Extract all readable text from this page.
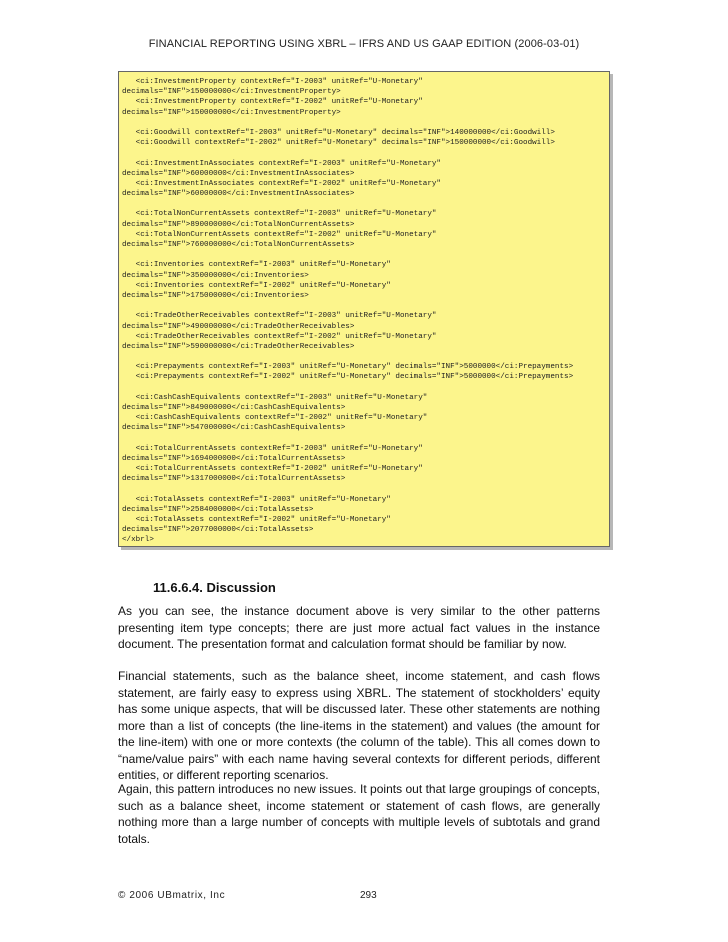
FINANCIAL REPORTING USING XBRL – IFRS AND US GAAP EDITION (2006-03-01)
<ci:InvestmentProperty contextRef="I-2003" unitRef="U-Monetary"
decimals="INF">150000000</ci:InvestmentProperty>
<ci:InvestmentProperty contextRef="I-2002" unitRef="U-Monetary"
decimals="INF">150000000</ci:InvestmentProperty>
<ci:Goodwill contextRef="I-2003" unitRef="U-Monetary" decimals="INF">140000000</ci:Goodwill>
<ci:Goodwill contextRef="I-2002" unitRef="U-Monetary" decimals="INF">150000000</ci:Goodwill>
<ci:InvestmentInAssociates contextRef="I-2003" unitRef="U-Monetary"
decimals="INF">60000000</ci:InvestmentInAssociates>
<ci:InvestmentInAssociates contextRef="I-2002" unitRef="U-Monetary"
decimals="INF">60000000</ci:InvestmentInAssociates>
<ci:TotalNonCurrentAssets contextRef="I-2003" unitRef="U-Monetary"
decimals="INF">890000000</ci:TotalNonCurrentAssets>
<ci:TotalNonCurrentAssets contextRef="I-2002" unitRef="U-Monetary"
decimals="INF">760000000</ci:TotalNonCurrentAssets>
<ci:Inventories contextRef="I-2003" unitRef="U-Monetary"
decimals="INF">350000000</ci:Inventories>
<ci:Inventories contextRef="I-2002" unitRef="U-Monetary"
decimals="INF">175000000</ci:Inventories>
<ci:TradeOtherReceivables contextRef="I-2003" unitRef="U-Monetary"
decimals="INF">490000000</ci:TradeOtherReceivables>
<ci:TradeOtherReceivables contextRef="I-2002" unitRef="U-Monetary"
decimals="INF">590000000</ci:TradeOtherReceivables>
<ci:Prepayments contextRef="I-2003" unitRef="U-Monetary" decimals="INF">5000000</ci:Prepayments>
<ci:Prepayments contextRef="I-2002" unitRef="U-Monetary" decimals="INF">5000000</ci:Prepayments>
<ci:CashCashEquivalents contextRef="I-2003" unitRef="U-Monetary"
decimals="INF">849000000</ci:CashCashEquivalents>
<ci:CashCashEquivalents contextRef="I-2002" unitRef="U-Monetary"
decimals="INF">547000000</ci:CashCashEquivalents>
<ci:TotalCurrentAssets contextRef="I-2003" unitRef="U-Monetary"
decimals="INF">1694000000</ci:TotalCurrentAssets>
<ci:TotalCurrentAssets contextRef="I-2002" unitRef="U-Monetary"
decimals="INF">1317000000</ci:TotalCurrentAssets>
<ci:TotalAssets contextRef="I-2003" unitRef="U-Monetary"
decimals="INF">2584000000</ci:TotalAssets>
<ci:TotalAssets contextRef="I-2002" unitRef="U-Monetary"
decimals="INF">2077000000</ci:TotalAssets>
</xbrl>
11.6.6.4. Discussion
As you can see, the instance document above is very similar to the other patterns presenting item type concepts; there are just more actual fact values in the instance document. The presentation format and calculation format should be familiar by now.
Financial statements, such as the balance sheet, income statement, and cash flows statement, are fairly easy to express using XBRL. The statement of stockholders’ equity has some unique aspects, that will be discussed later. These other statements are nothing more than a list of concepts (the line-items in the statement) and values (the amount for the line-item) with one or more contexts (the column of the table). This all comes down to “name/value pairs” with each name having several contexts for different periods, different entities, or different reporting scenarios.
Again, this pattern introduces no new issues. It points out that large groupings of concepts, such as a balance sheet, income statement or statement of cash flows, are generally nothing more than a large number of concepts with multiple levels of subtotals and grand totals.
© 2006 UBmatrix, Inc	293
